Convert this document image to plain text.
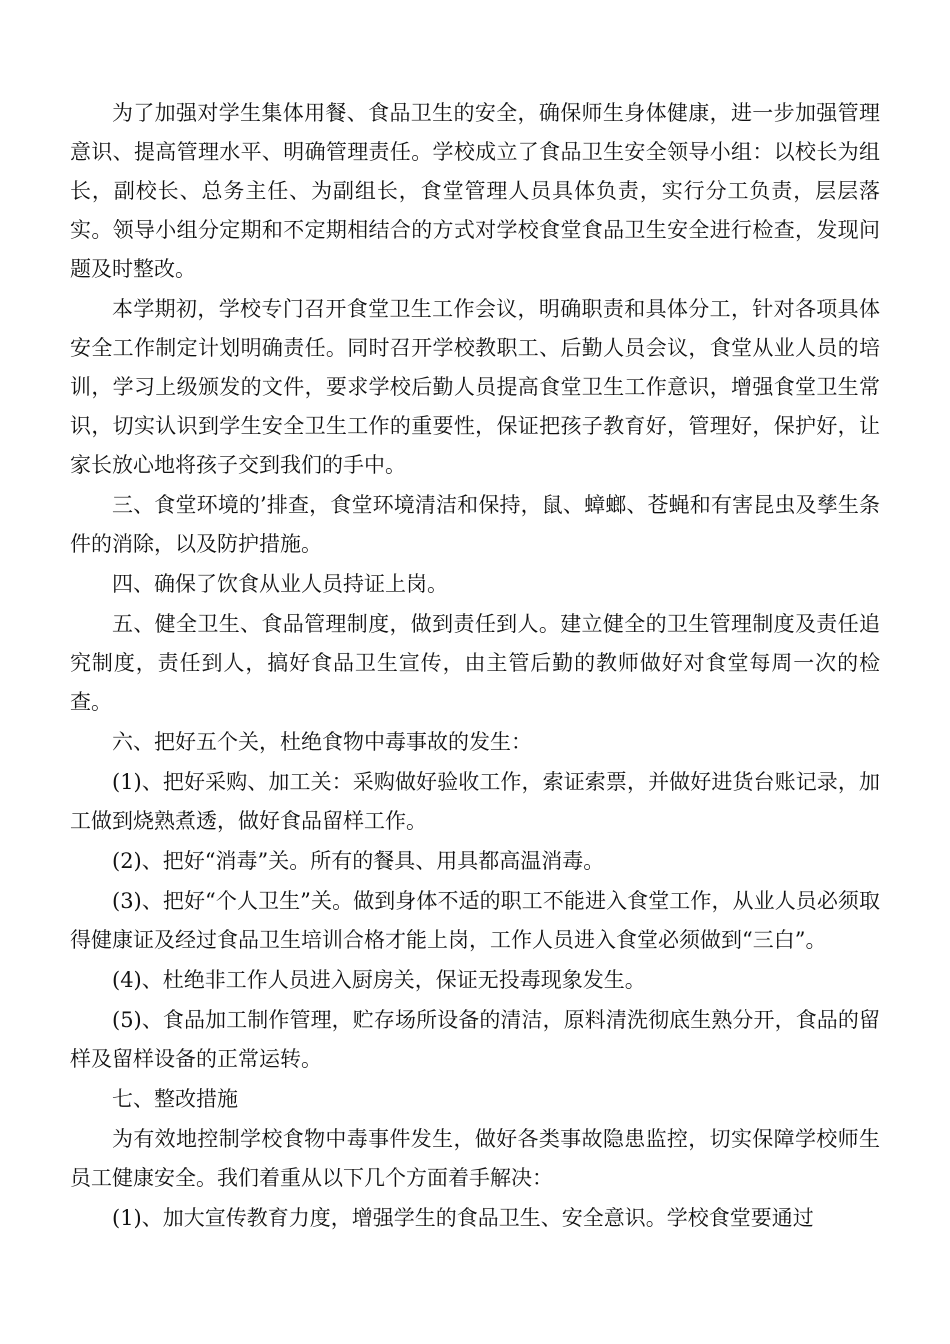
为了加强对学生集体用餐、食品卫生的安全，确保师生身体健康，进一步加强管理意识、提高管理水平、明确管理责任。学校成立了食品卫生安全领导小组：以校长为组长，副校长、总务主任、为副组长，食堂管理人员具体负责，实行分工负责，层层落实。领导小组分定期和不定期相结合的方式对学校食堂食品卫生安全进行检查，发现问题及时整改。

本学期初，学校专门召开食堂卫生工作会议，明确职责和具体分工，针对各项具体安全工作制定计划明确责任。同时召开学校教职工、后勤人员会议，食堂从业人员的培训，学习上级颁发的文件，要求学校后勤人员提高食堂卫生工作意识，增强食堂卫生常识，切实认识到学生安全卫生工作的重要性，保证把孩子教育好，管理好，保护好，让家长放心地将孩子交到我们的手中。

三、食堂环境的’排查，食堂环境清洁和保持，鼠、蟑螂、苍蝇和有害昆虫及孳生条件的消除，以及防护措施。

四、确保了饮食从业人员持证上岗。

五、健全卫生、食品管理制度，做到责任到人。建立健全的卫生管理制度及责任追究制度，责任到人，搞好食品卫生宣传，由主管后勤的教师做好对食堂每周一次的检查。

六、把好五个关，杜绝食物中毒事故的发生：

(1)、把好采购、加工关：采购做好验收工作，索证索票，并做好进货台账记录，加工做到烧熟煮透，做好食品留样工作。

(2)、把好“消毒”关。所有的餐具、用具都高温消毒。

(3)、把好“个人卫生”关。做到身体不适的职工不能进入食堂工作，从业人员必须取得健康证及经过食品卫生培训合格才能上岗，工作人员进入食堂必须做到“三白”。

(4)、杜绝非工作人员进入厨房关，保证无投毒现象发生。

(5)、食品加工制作管理，贮存场所设备的清洁，原料清洗彻底生熟分开，食品的留样及留样设备的正常运转。

七、整改措施

为有效地控制学校食物中毒事件发生，做好各类事故隐患监控，切实保障学校师生员工健康安全。我们着重从以下几个方面着手解决：

(1)、加大宣传教育力度，增强学生的食品卫生、安全意识。学校食堂要通过
